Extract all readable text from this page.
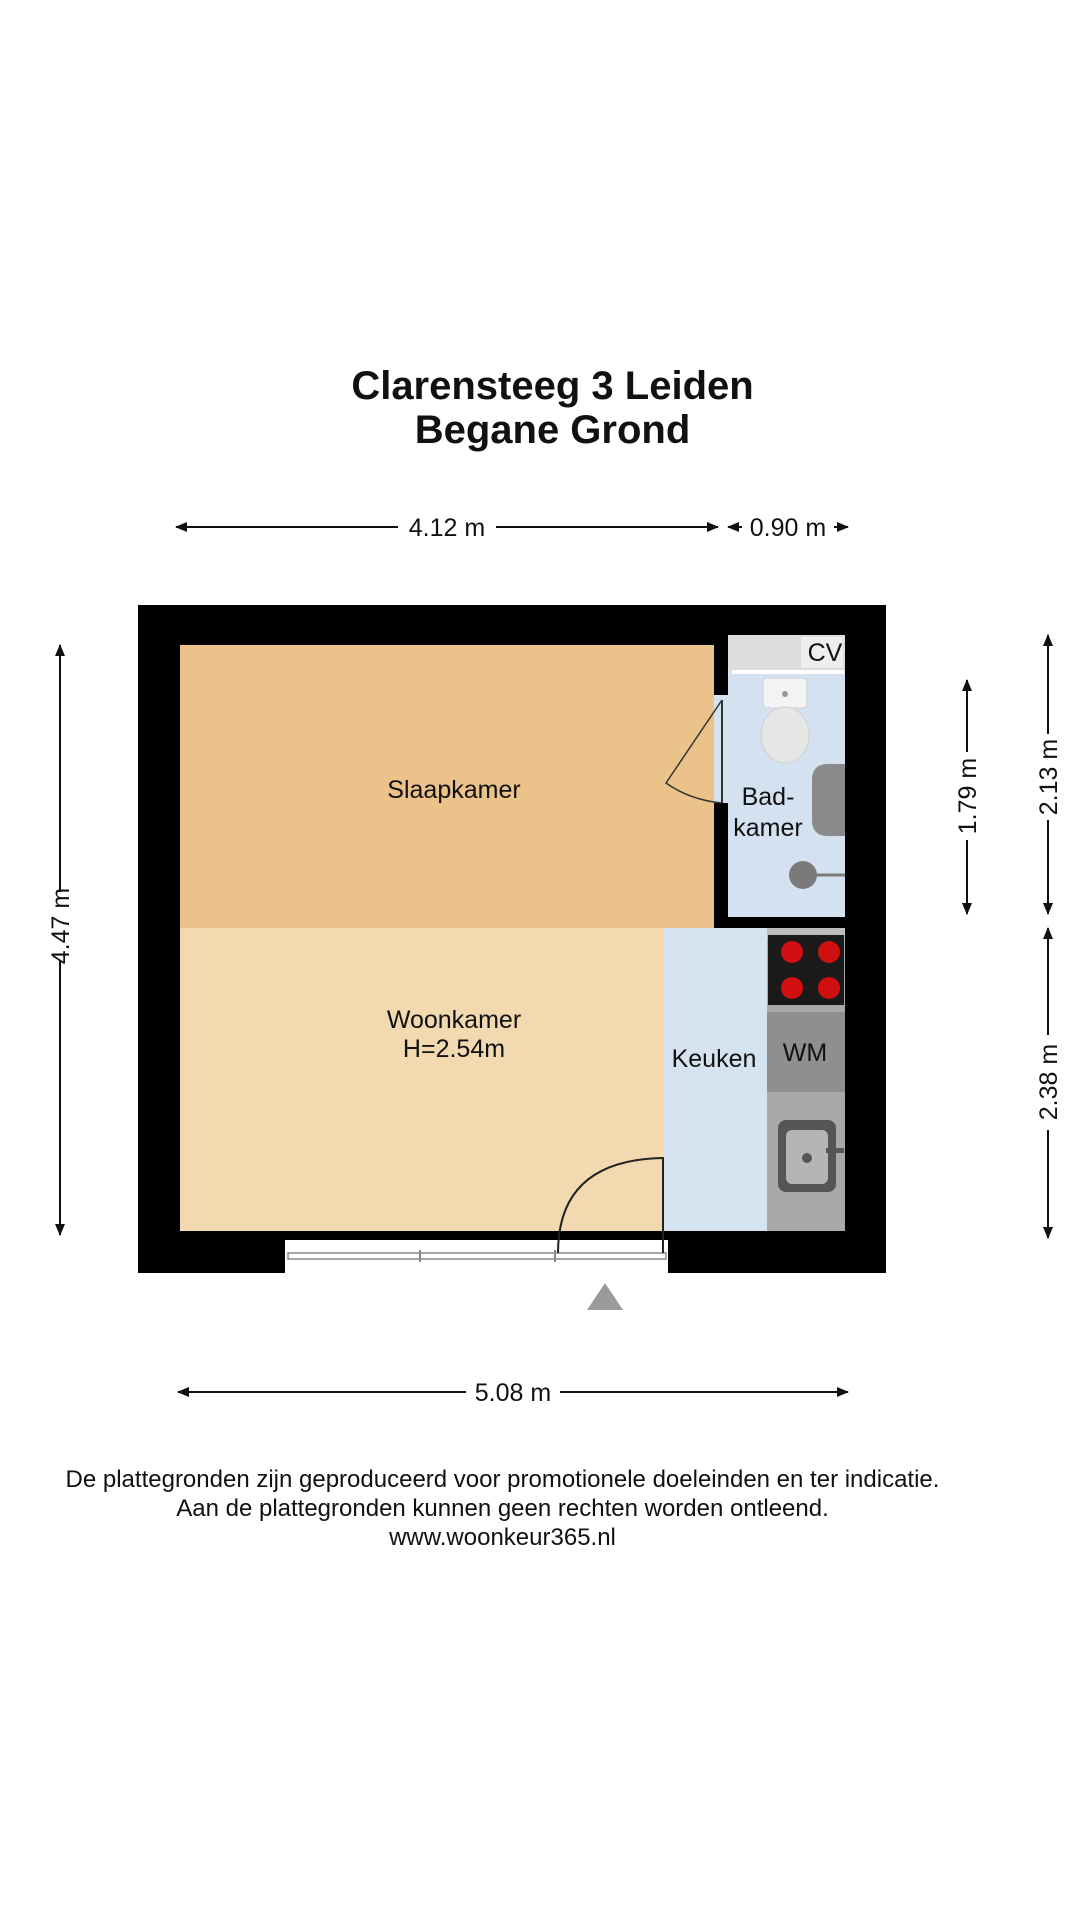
Clarensteeg 3 Leiden
Begane Grond
Slaapkamer
Woonkamer
H=2.54m	Keuken
Bad-
kamer
CV
WM
4.12 m	0.90 m
5.08 m
4.47 m
1.79 m 2.13 m
2.38 m
De plattegronden zijn geproduceerd voor promotionele doeleinden en ter indicatie.
Aan de plattegronden kunnen geen rechten worden ontleend.
www.woonkeur365.nl
